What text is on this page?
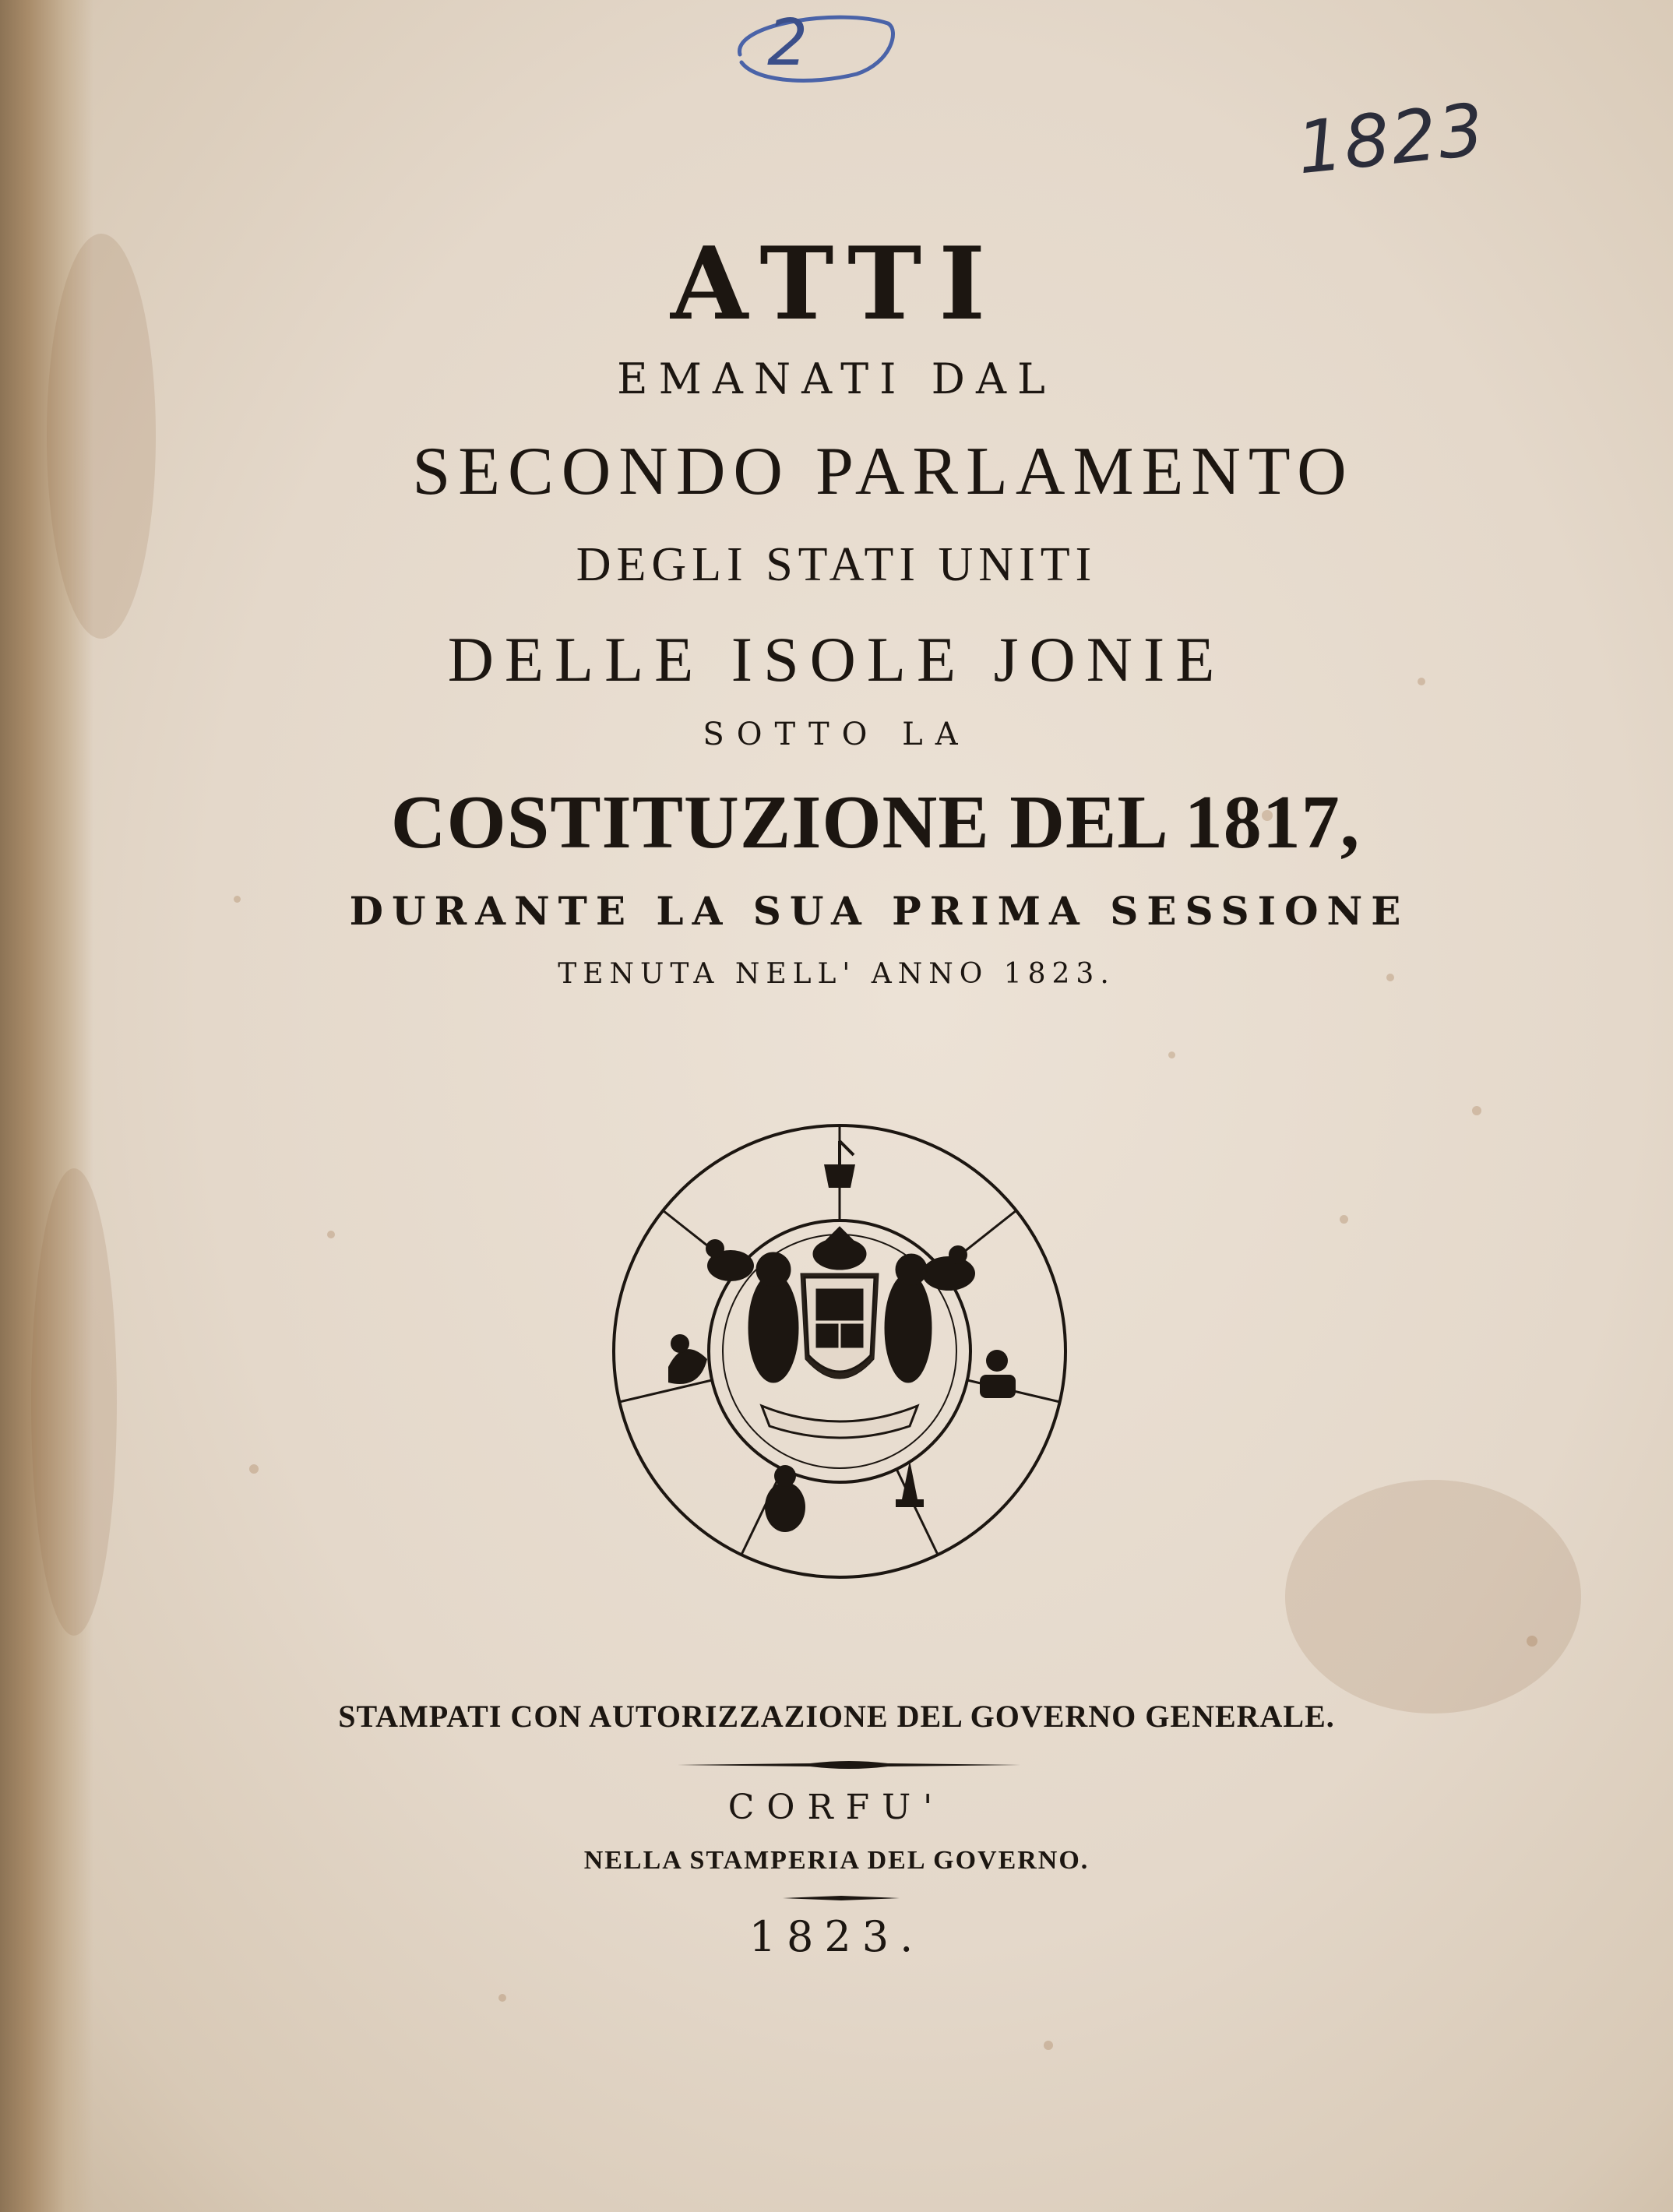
2
1823
ATTI
EMANATI DAL
SECONDO PARLAMENTO
DEGLI STATI UNITI
DELLE ISOLE JONIE
SOTTO LA
COSTITUZIONE DEL 1817,
DURANTE LA SUA PRIMA SESSIONE
TENUTA NELL' ANNO 1823.
STAMPATI CON AUTORIZZAZIONE DEL GOVERNO GENERALE.
CORFU'
NELLA STAMPERIA DEL GOVERNO.
1823.
